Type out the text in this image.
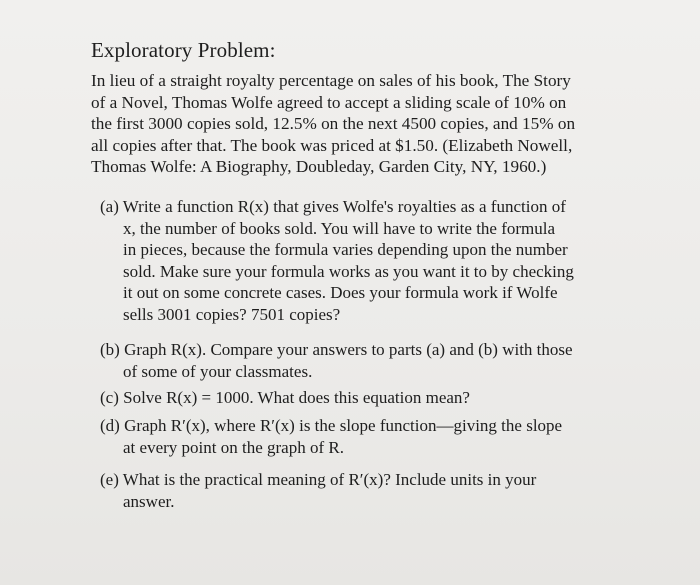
Exploratory Problem:
In lieu of a straight royalty percentage on sales of his book, The Story
of a Novel, Thomas Wolfe agreed to accept a sliding scale of 10% on
the first 3000 copies sold, 12.5% on the next 4500 copies, and 15% on
all copies after that. The book was priced at $1.50. (Elizabeth Nowell,
Thomas Wolfe: A Biography, Doubleday, Garden City, NY, 1960.)
(a) Write a function R(x) that gives Wolfe's royalties as a function of
x, the number of books sold. You will have to write the formula
in pieces, because the formula varies depending upon the number
sold. Make sure your formula works as you want it to by checking
it out on some concrete cases. Does your formula work if Wolfe
sells 3001 copies? 7501 copies?
(b) Graph R(x). Compare your answers to parts (a) and (b) with those
of some of your classmates.
(c) Solve R(x) = 1000. What does this equation mean?
(d) Graph R′(x), where R′(x) is the slope function—giving the slope
at every point on the graph of R.
(e) What is the practical meaning of R′(x)? Include units in your
answer.
